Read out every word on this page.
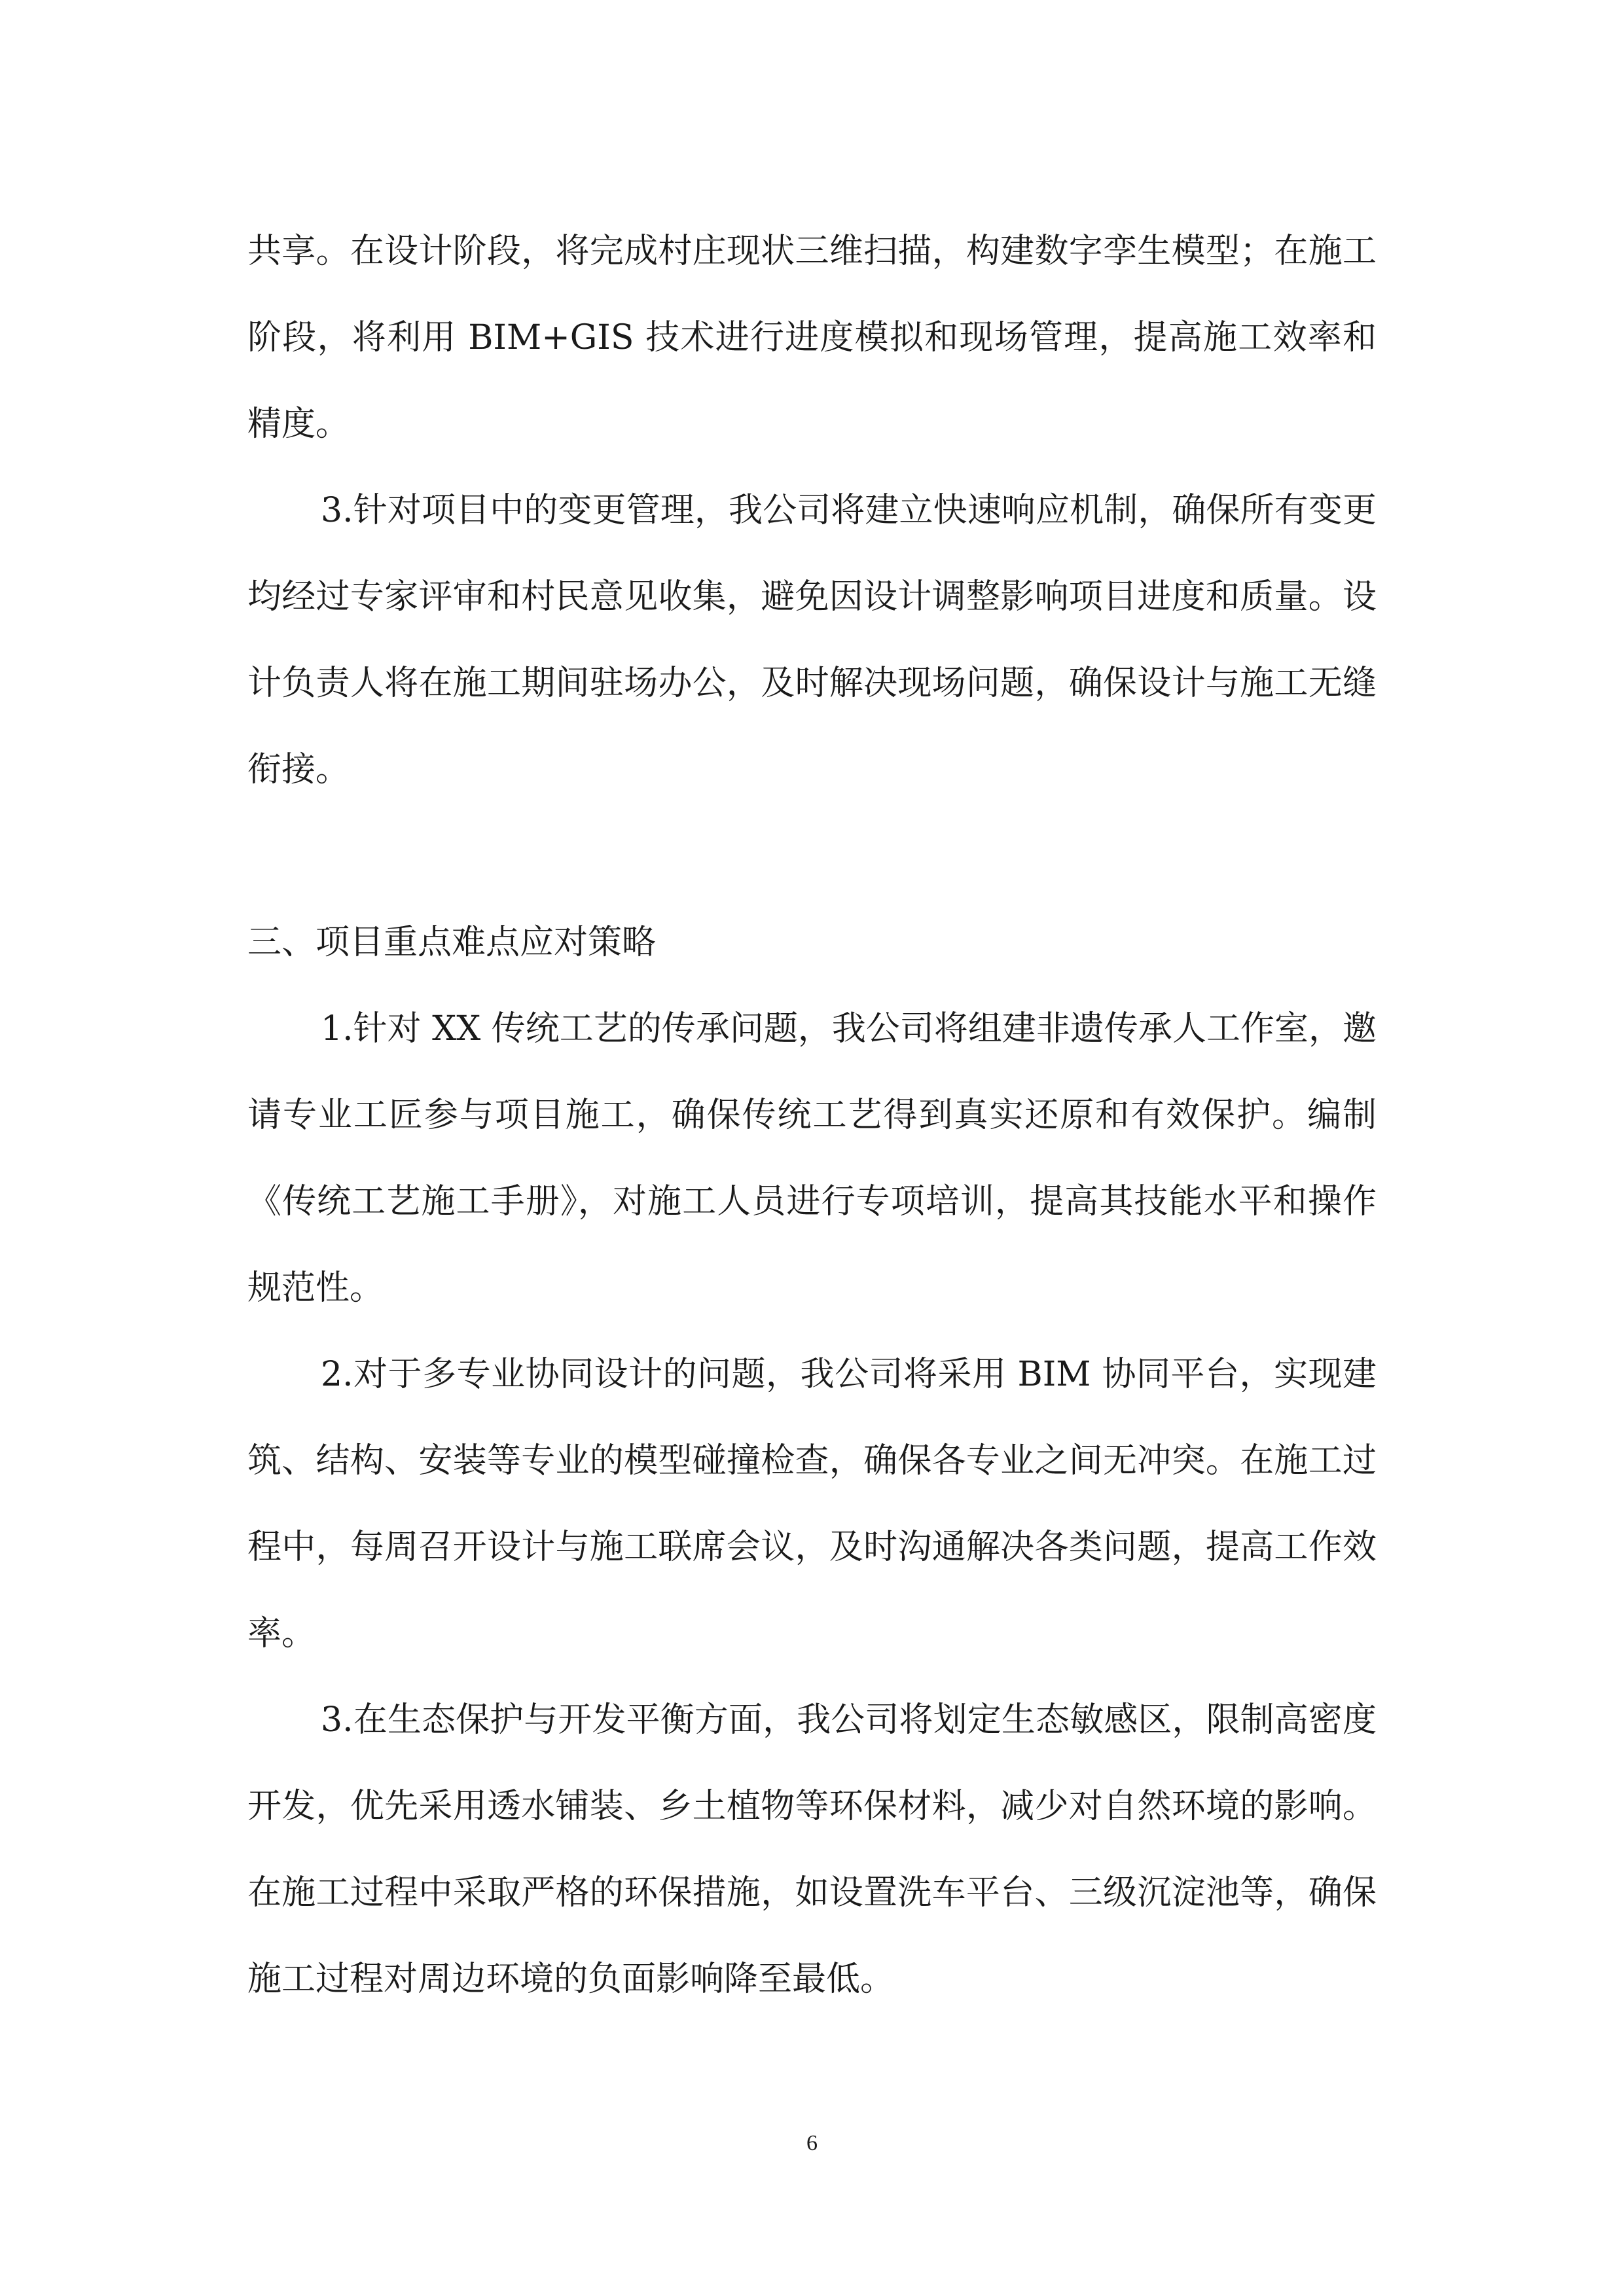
共享。在设计阶段，将完成村庄现状三维扫描，构建数字孪生模型；在施工阶段，将利用 BIM+GIS 技术进行进度模拟和现场管理，提高施工效率和精度。

3.针对项目中的变更管理，我公司将建立快速响应机制，确保所有变更均经过专家评审和村民意见收集，避免因设计调整影响项目进度和质量。设计负责人将在施工期间驻场办公，及时解决现场问题，确保设计与施工无缝衔接。

三、项目重点难点应对策略

1.针对 XX 传统工艺的传承问题，我公司将组建非遗传承人工作室，邀请专业工匠参与项目施工，确保传统工艺得到真实还原和有效保护。编制《传统工艺施工手册》，对施工人员进行专项培训，提高其技能水平和操作规范性。

2.对于多专业协同设计的问题，我公司将采用 BIM 协同平台，实现建筑、结构、安装等专业的模型碰撞检查，确保各专业之间无冲突。在施工过程中，每周召开设计与施工联席会议，及时沟通解决各类问题，提高工作效率。

3.在生态保护与开发平衡方面，我公司将划定生态敏感区，限制高密度开发，优先采用透水铺装、乡土植物等环保材料，减少对自然环境的影响。在施工过程中采取严格的环保措施，如设置洗车平台、三级沉淀池等，确保施工过程对周边环境的负面影响降至最低。

6
